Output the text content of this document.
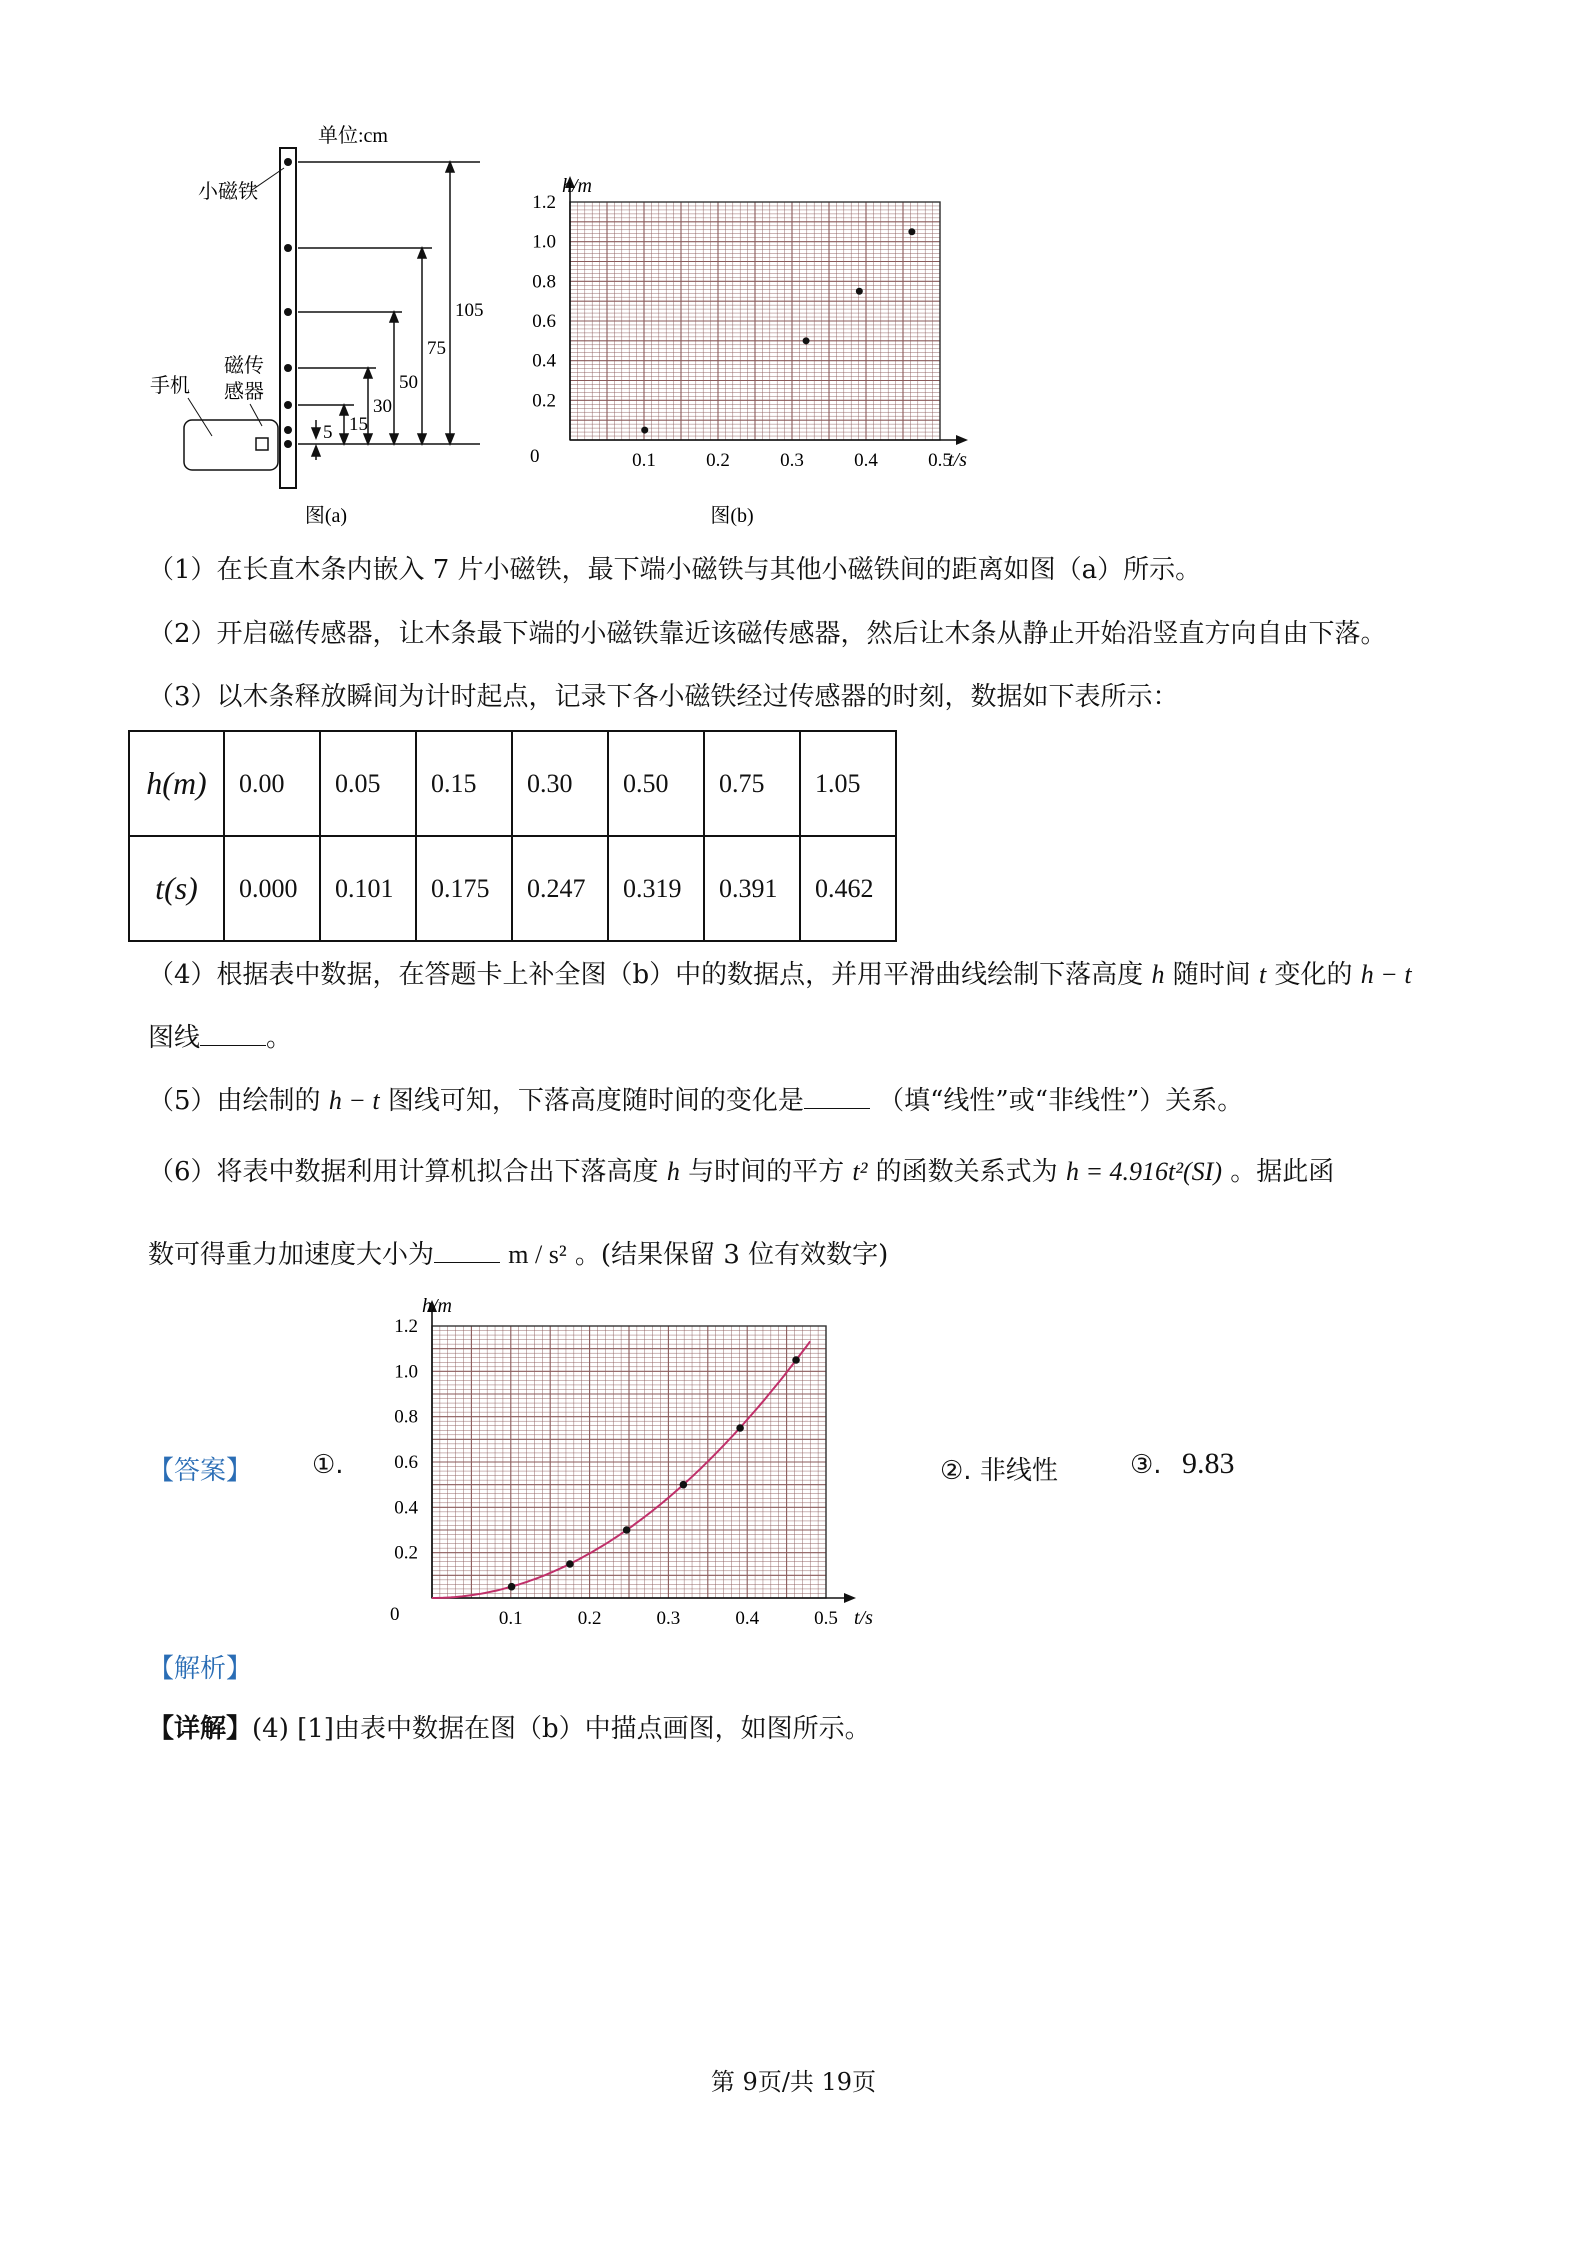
单位:cm
小磁铁
105
75
50
30
15
5
手机
磁传
感器
图(a)
0.1	0.2	0.3	0.4	0.5
1.2
1.0
0.8
0.6
0.4
0.2
h/m
t/s
0
图(b)
（1）在长直木条内嵌入 7 片小磁铁，最下端小磁铁与其他小磁铁间的距离如图（a）所示。
（2）开启磁传感器，让木条最下端的小磁铁靠近该磁传感器，然后让木条从静止开始沿竖直方向自由下落。
（3）以木条释放瞬间为计时起点，记录下各小磁铁经过传感器的时刻，数据如下表所示：
h(m)	0.00	0.05	0.15	0.30	0.50	0.75	1.05
t(s)	0.000	0.101	0.175	0.247	0.319	0.391	0.462
（4）根据表中数据，在答题卡上补全图（b）中的数据点，并用平滑曲线绘制下落高度 h 随时间 t 变化的 h − t
图线	。
（5）由绘制的 h − t 图线可知，下落高度随时间的变化是	（填“线性”或“非线性”）关系。
（6）将表中数据利用计算机拟合出下落高度 h 与时间的平方 t² 的函数关系式为 h = 4.916t²(SI) 。据此函
数可得重力加速度大小为	m / s² 。(结果保留 3 位有效数字)
【答案】 ①.
0.1	0.2	0.3	0.4	0.5
1.2
1.0
0.8
0.6
0.4
0.2
h/m
t/s
0
②. 非线性	③. 9.83
【解析】
【详解】(4) [1]由表中数据在图（b）中描点画图，如图所示。
第 9页/共 19页
